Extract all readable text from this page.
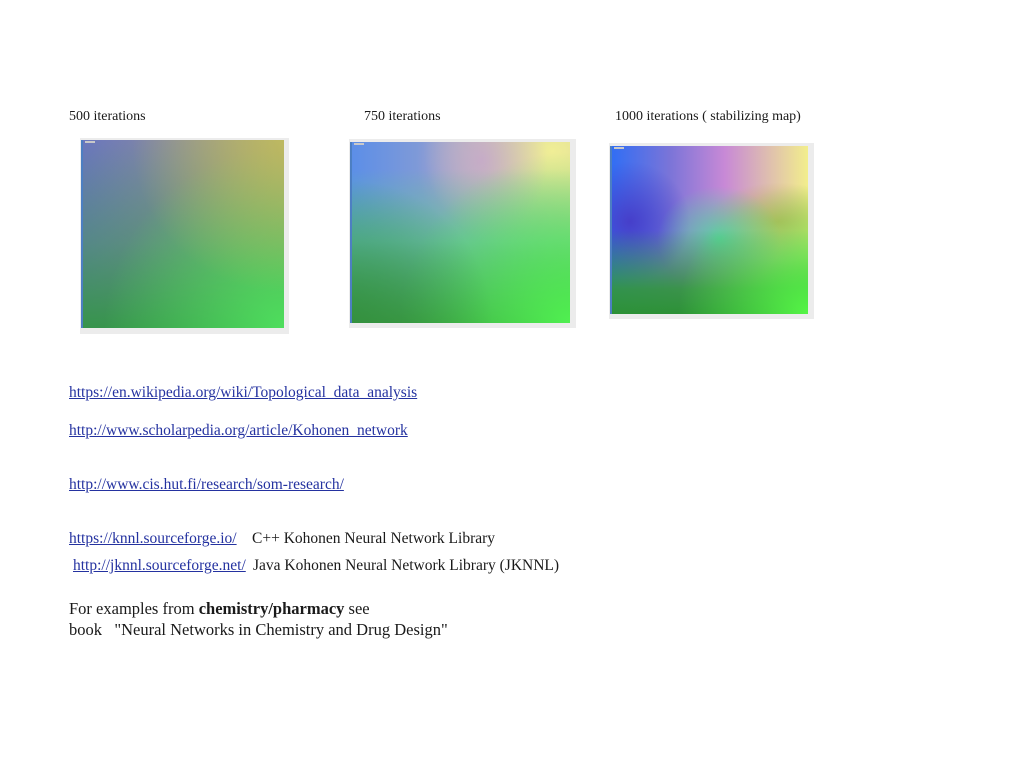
500 iterations	750 iterations	1000 iterations ( stabilizing map)
https://en.wikipedia.org/wiki/Topological_data_analysis
http://www.scholarpedia.org/article/Kohonen_network
http://www.cis.hut.fi/research/som-research/
https://knnl.sourceforge.io/ C++ Kohonen Neural Network Library
http://jknnl.sourceforge.net/ Java Kohonen Neural Network Library (JKNNL)
For examples from chemistry/pharmacy see
book   "Neural Networks in Chemistry and Drug Design"
